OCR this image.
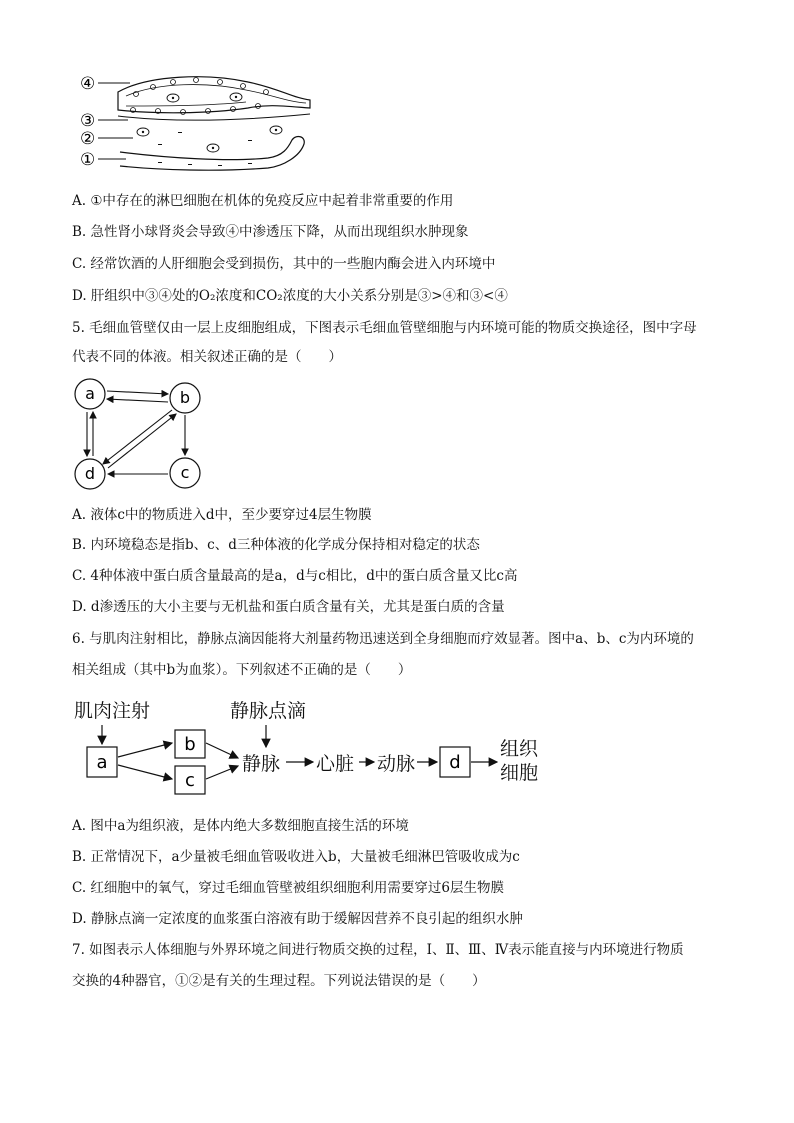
④
③
②
①
A. ①中存在的淋巴细胞在机体的免疫反应中起着非常重要的作用
B. 急性肾小球肾炎会导致④中渗透压下降，从而出现组织水肿现象
C. 经常饮酒的人肝细胞会受到损伤，其中的一些胞内酶会进入内环境中
D. 肝组织中③④处的O₂浓度和CO₂浓度的大小关系分别是③>④和③<④
5. 毛细血管壁仅由一层上皮细胞组成，下图表示毛细血管壁细胞与内环境可能的物质交换途径，图中字母
代表不同的体液。相关叙述正确的是（　　）
a	b
d	c
A. 液体c中的物质进入d中，至少要穿过4层生物膜
B. 内环境稳态是指b、c、d三种体液的化学成分保持相对稳定的状态
C. 4种体液中蛋白质含量最高的是a，d与c相比，d中的蛋白质含量又比c高
D. d渗透压的大小主要与无机盐和蛋白质含量有关，尤其是蛋白质的含量
6. 与肌肉注射相比，静脉点滴因能将大剂量药物迅速送到全身细胞而疗效显著。图中a、b、c为内环境的
相关组成（其中b为血浆）。下列叙述不正确的是（　　）
肌肉注射	静脉点滴
静脉 心脏 动脉
组织
细胞
a
b
c
d
A. 图中a为组织液，是体内绝大多数细胞直接生活的环境
B. 正常情况下，a少量被毛细血管吸收进入b，大量被毛细淋巴管吸收成为c
C. 红细胞中的氧气，穿过毛细血管壁被组织细胞利用需要穿过6层生物膜
D. 静脉点滴一定浓度的血浆蛋白溶液有助于缓解因营养不良引起的组织水肿
7. 如图表示人体细胞与外界环境之间进行物质交换的过程，Ⅰ、Ⅱ、Ⅲ、Ⅳ表示能直接与内环境进行物质
交换的4种器官，①②是有关的生理过程。下列说法错误的是（　　）
